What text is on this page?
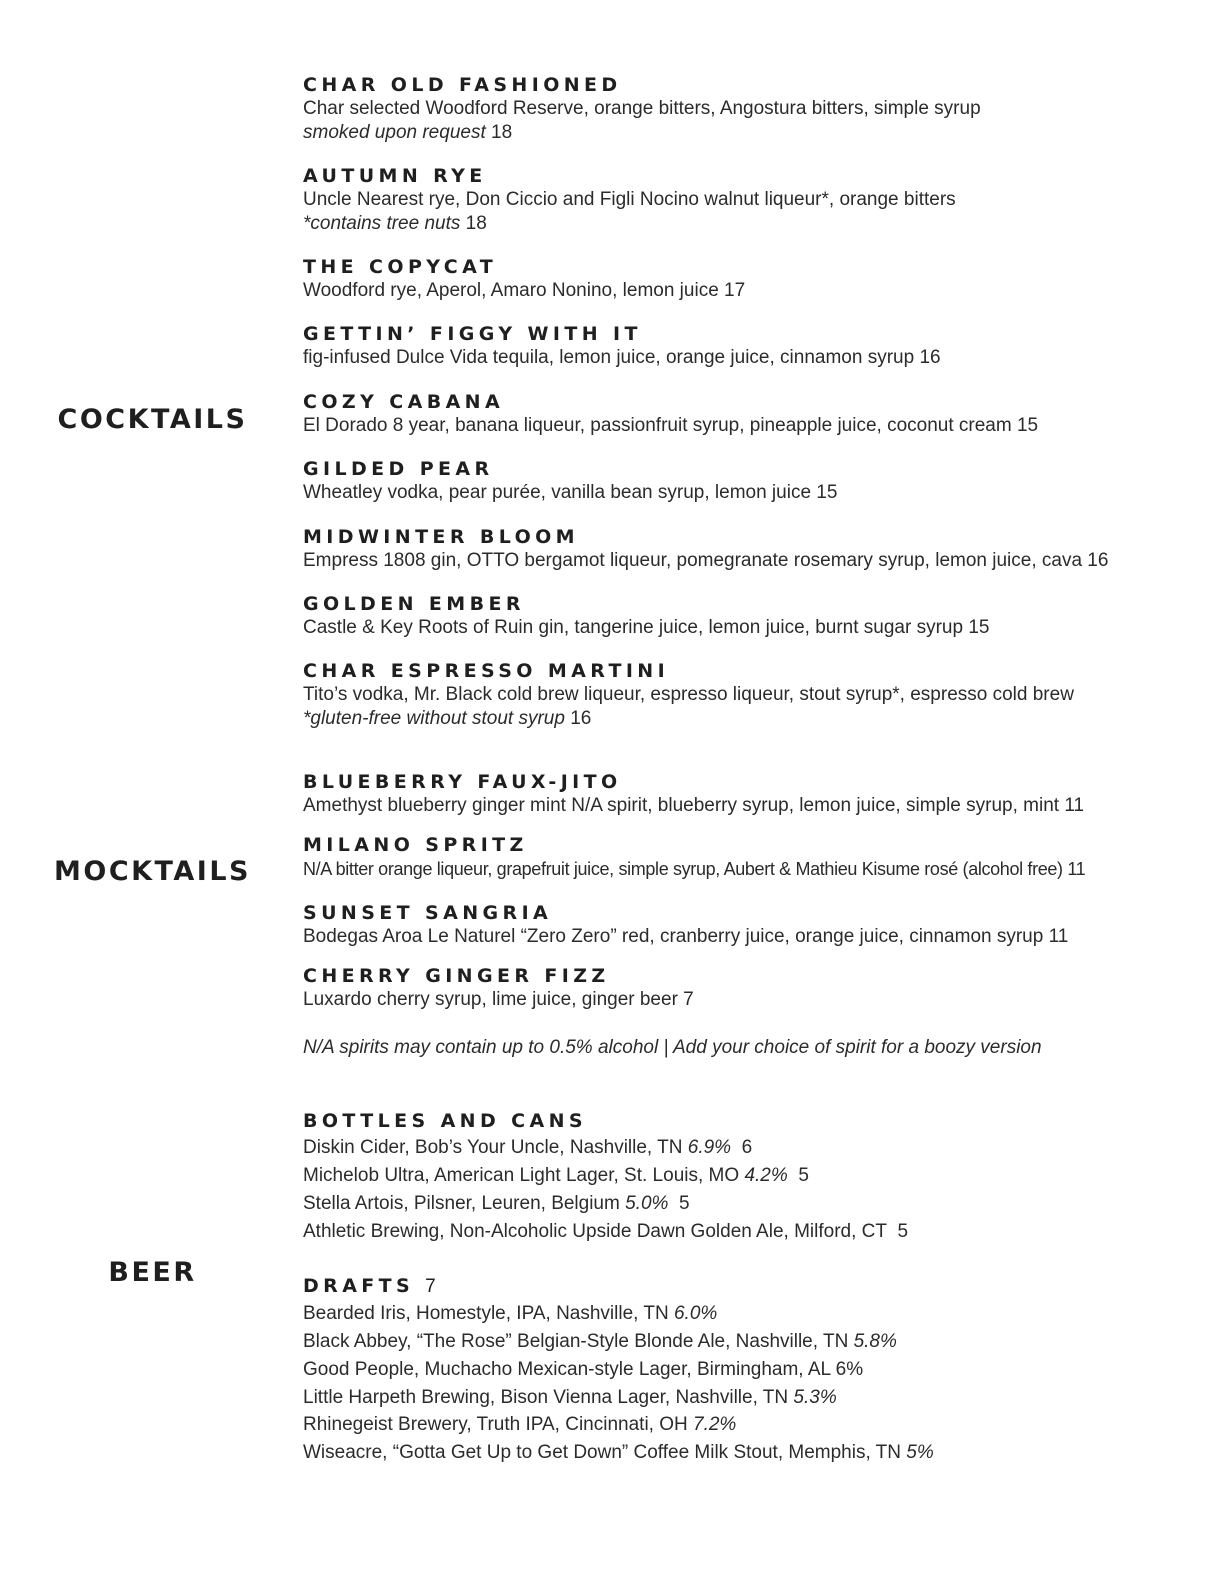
COCKTAILS
MOCKTAILS
BEER
CHAR OLD FASHIONED
Char selected Woodford Reserve, orange bitters, Angostura bitters, simple syrup
smoked upon request 18
AUTUMN RYE
Uncle Nearest rye, Don Ciccio and Figli Nocino walnut liqueur*, orange bitters
*contains tree nuts 18
THE COPYCAT
Woodford rye, Aperol, Amaro Nonino, lemon juice 17
GETTIN’ FIGGY WITH IT
fig-infused Dulce Vida tequila, lemon juice, orange juice, cinnamon syrup 16
COZY CABANA
El Dorado 8 year, banana liqueur, passionfruit syrup, pineapple juice, coconut cream 15
GILDED PEAR
Wheatley vodka, pear purée, vanilla bean syrup, lemon juice 15
MIDWINTER BLOOM
Empress 1808 gin, OTTO bergamot liqueur, pomegranate rosemary syrup, lemon juice, cava 16
GOLDEN EMBER
Castle & Key Roots of Ruin gin, tangerine juice, lemon juice, burnt sugar syrup 15
CHAR ESPRESSO MARTINI
Tito’s vodka, Mr. Black cold brew liqueur, espresso liqueur, stout syrup*, espresso cold brew
*gluten-free without stout syrup 16
BLUEBERRY FAUX-JITO
Amethyst blueberry ginger mint N/A spirit, blueberry syrup, lemon juice, simple syrup, mint 11
MILANO SPRITZ
N/A bitter orange liqueur, grapefruit juice, simple syrup, Aubert & Mathieu Kisume rosé (alcohol free) 11
SUNSET SANGRIA
Bodegas Aroa Le Naturel “Zero Zero” red, cranberry juice, orange juice, cinnamon syrup 11
CHERRY GINGER FIZZ
Luxardo cherry syrup, lime juice, ginger beer 7
N/A spirits may contain up to 0.5% alcohol | Add your choice of spirit for a boozy version
BOTTLES AND CANS
Diskin Cider, Bob’s Your Uncle, Nashville, TN 6.9% 6
Michelob Ultra, American Light Lager, St. Louis, MO 4.2% 5
Stella Artois, Pilsner, Leuren, Belgium 5.0% 5
Athletic Brewing, Non-Alcoholic Upside Dawn Golden Ale, Milford, CT 5
DRAFTS 7
Bearded Iris, Homestyle, IPA, Nashville, TN 6.0%
Black Abbey, “The Rose” Belgian-Style Blonde Ale, Nashville, TN 5.8%
Good People, Muchacho Mexican-style Lager, Birmingham, AL 6%
Little Harpeth Brewing, Bison Vienna Lager, Nashville, TN 5.3%
Rhinegeist Brewery, Truth IPA, Cincinnati, OH 7.2%
Wiseacre, “Gotta Get Up to Get Down” Coffee Milk Stout, Memphis, TN 5%
